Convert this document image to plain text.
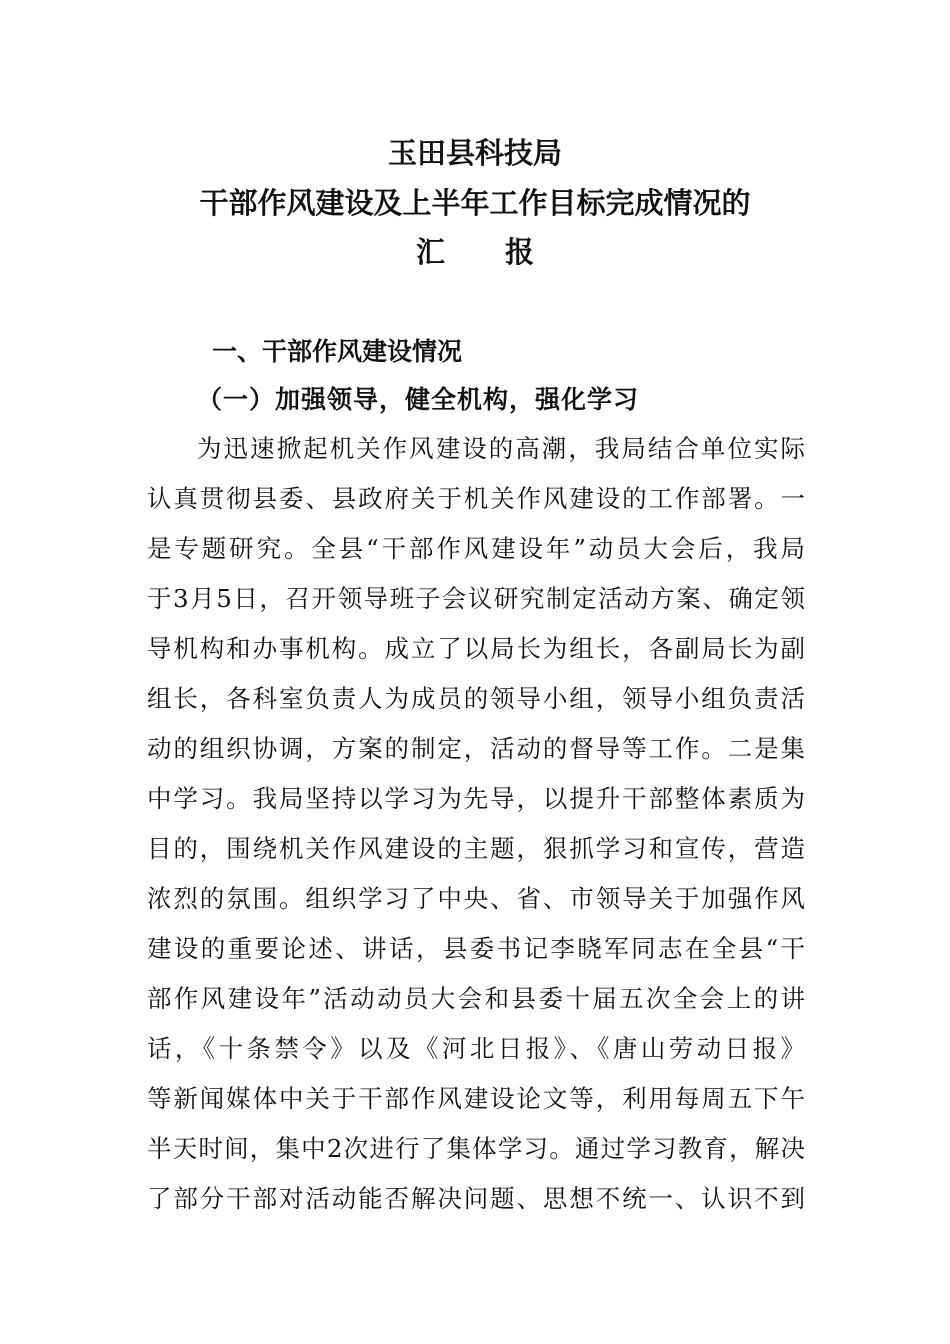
玉田县科技局
干部作风建设及上半年工作目标完成情况的
汇报
一、干部作风建设情况
（一）加强领导，健全机构，强化学习
为迅速掀起机关作风建设的高潮，我局结合单位实际
认真贯彻县委、县政府关于机关作风建设的工作部署。一
是专题研究。全县“干部作风建设年”动员大会后，我局
于3月5日，召开领导班子会议研究制定活动方案、确定领
导机构和办事机构。成立了以局长为组长，各副局长为副
组长，各科室负责人为成员的领导小组，领导小组负责活
动的组织协调，方案的制定，活动的督导等工作。二是集
中学习。我局坚持以学习为先导，以提升干部整体素质为
目的，围绕机关作风建设的主题，狠抓学习和宣传，营造
浓烈的氛围。组织学习了中央、省、市领导关于加强作风
建设的重要论述、讲话，县委书记李晓军同志在全县“干
部作风建设年”活动动员大会和县委十届五次全会上的讲
话，《十条禁令》以及《河北日报》、《唐山劳动日报》
等新闻媒体中关于干部作风建设论文等，利用每周五下午
半天时间，集中2次进行了集体学习。通过学习教育，解决
了部分干部对活动能否解决问题、思想不统一、认识不到
